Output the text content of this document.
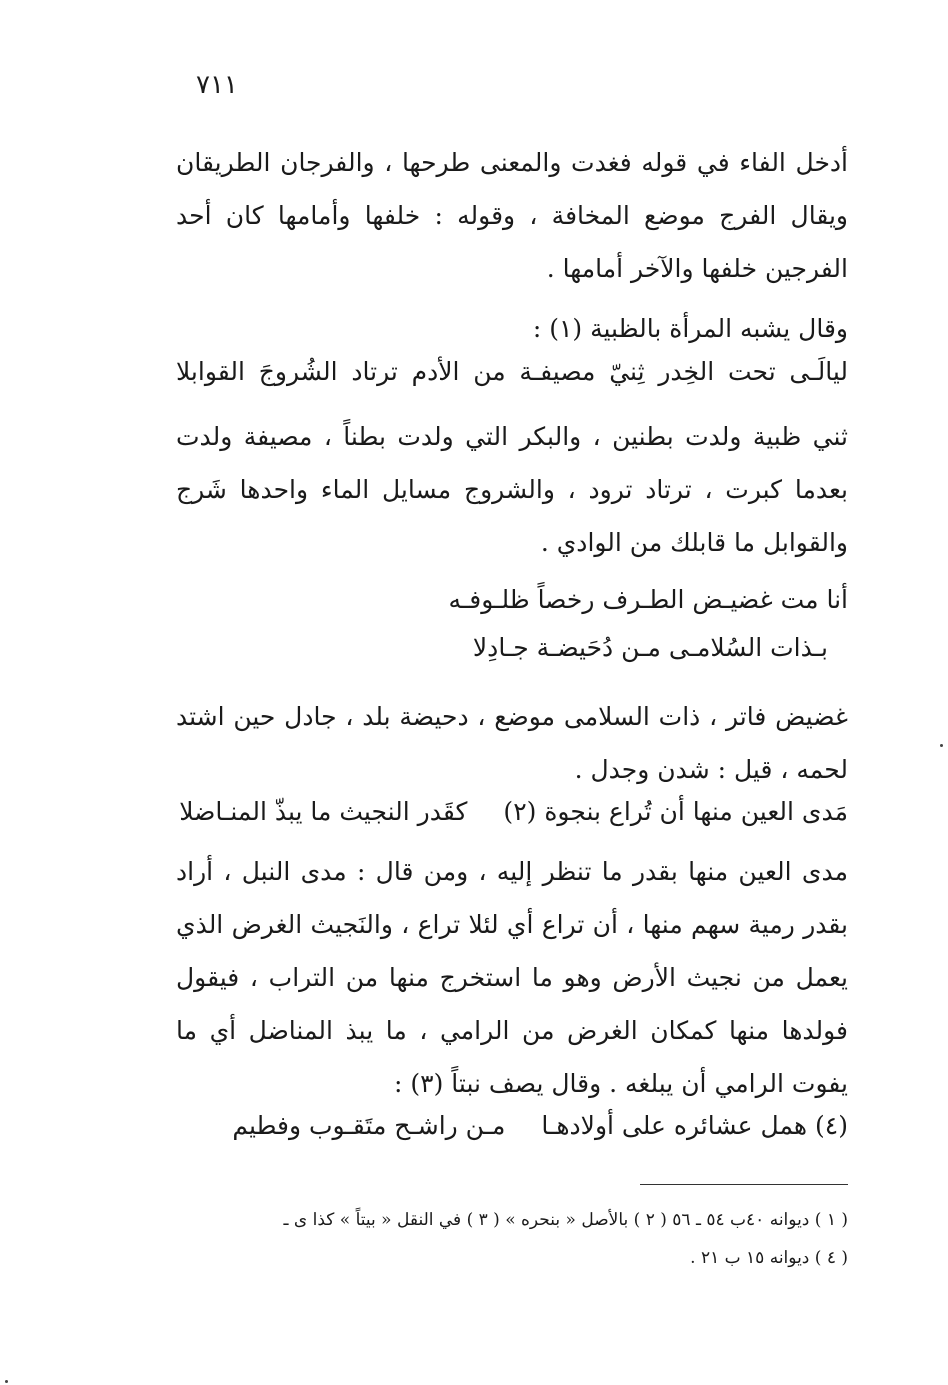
٧١١
أدخل الفاء في قوله فغدت والمعنى طرحها ، والفرجان الطريقان ويقال الفرج موضع المخافة ، وقوله : خلفها وأمامها كان أحد الفرجين خلفها والآخر أمامها .
وقال يشبه المرأة بالظبية (١) :
ليالَـى تحت الخِدر ثِنيّ مصيفـة من الأدم ترتاد الشُروجَ القوابلا
ثني ظبية ولدت بطنين ، والبكر التي ولدت بطناً ، مصيفة ولدت بعدما كبرت ، ترتاد ترود ، والشروج مسايل الماء واحدها شَرج والقوابل ما قابلك من الوادي .
أنا مت غضيـض الطـرف رخصاً ظلـوفـه
بـذات السُلامـى مـن دُحَيضـة جـادِلا
غضيض فاتر ، ذات السلامى موضع ، دحيضة بلد ، جادل حين اشتد لحمه ، قيل : شدن وجدل .
مَدى العين منها أن تُراع بنجوة (٢)كقَدر النجيث ما يبذّ المنـاضلا
مدى العين منها بقدر ما تنظر إليه ، ومن قال : مدى النبل ، أراد بقدر رمية سهم منها ، أن تراع أي لئلا تراع ، والنَجيث الغرض الذي يعمل من نجيث الأرض وهو ما استخرج منها من التراب ، فيقول فولدها منها كمكان الغرض من الرامي ، ما يبذ المناضل أي ما يفوت الرامي أن يبلغه . وقال يصف نبتاً (٣) :
(٤) همل عشائره على أولادهـامـن راشـح متَقـوب وفطيم
( ١ ) ديوانه ٤٠ب ٥٤ ـ ٥٦ ( ٢ ) بالأصل « بنحره » ( ٣ ) في النقل « بيتاً » كذا ى ـ
( ٤ ) ديوانه ١٥ ب ٢١ .
